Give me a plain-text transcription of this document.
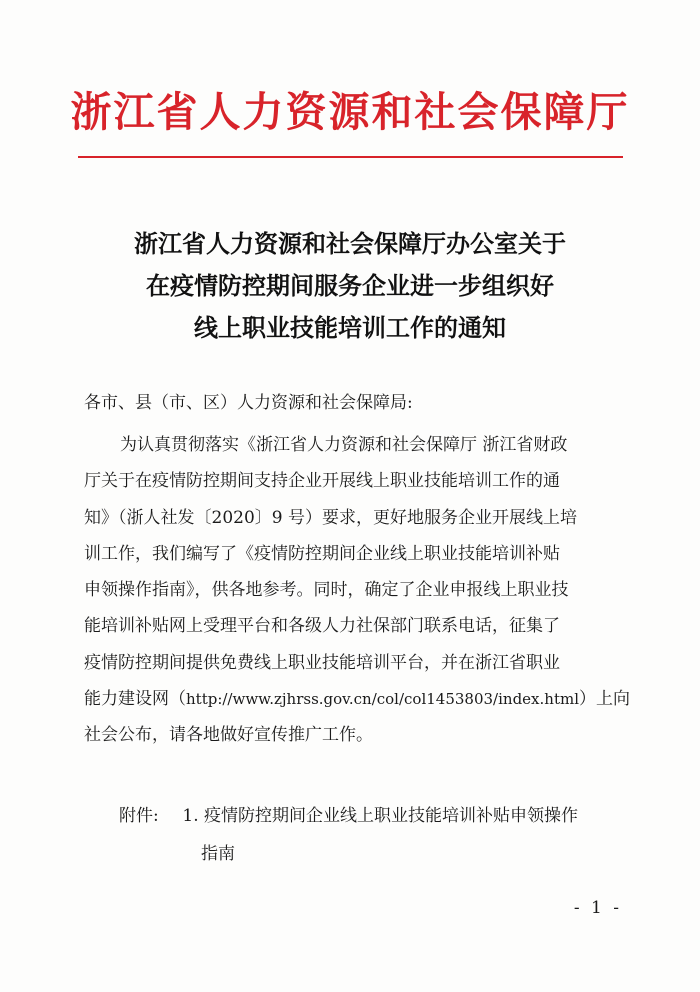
浙江省人力资源和社会保障厅
浙江省人力资源和社会保障厅办公室关于
在疫情防控期间服务企业进一步组织好
线上职业技能培训工作的通知
各市、县（市、区）人力资源和社会保障局:
为认真贯彻落实《浙江省人力资源和社会保障厅 浙江省财政
厅关于在疫情防控期间支持企业开展线上职业技能培训工作的通
知》（浙人社发〔2020〕9 号）要求，更好地服务企业开展线上培
训工作，我们编写了《疫情防控期间企业线上职业技能培训补贴
申领操作指南》，供各地参考。同时，确定了企业申报线上职业技
能培训补贴网上受理平台和各级人力社保部门联系电话，征集了
疫情防控期间提供免费线上职业技能培训平台，并在浙江省职业
能力建设网（http://www.zjhrss.gov.cn/col/col1453803/index.html）上向
社会公布，请各地做好宣传推广工作。
附件: 1. 疫情防控期间企业线上职业技能培训补贴申领操作
指南
- 1 -
